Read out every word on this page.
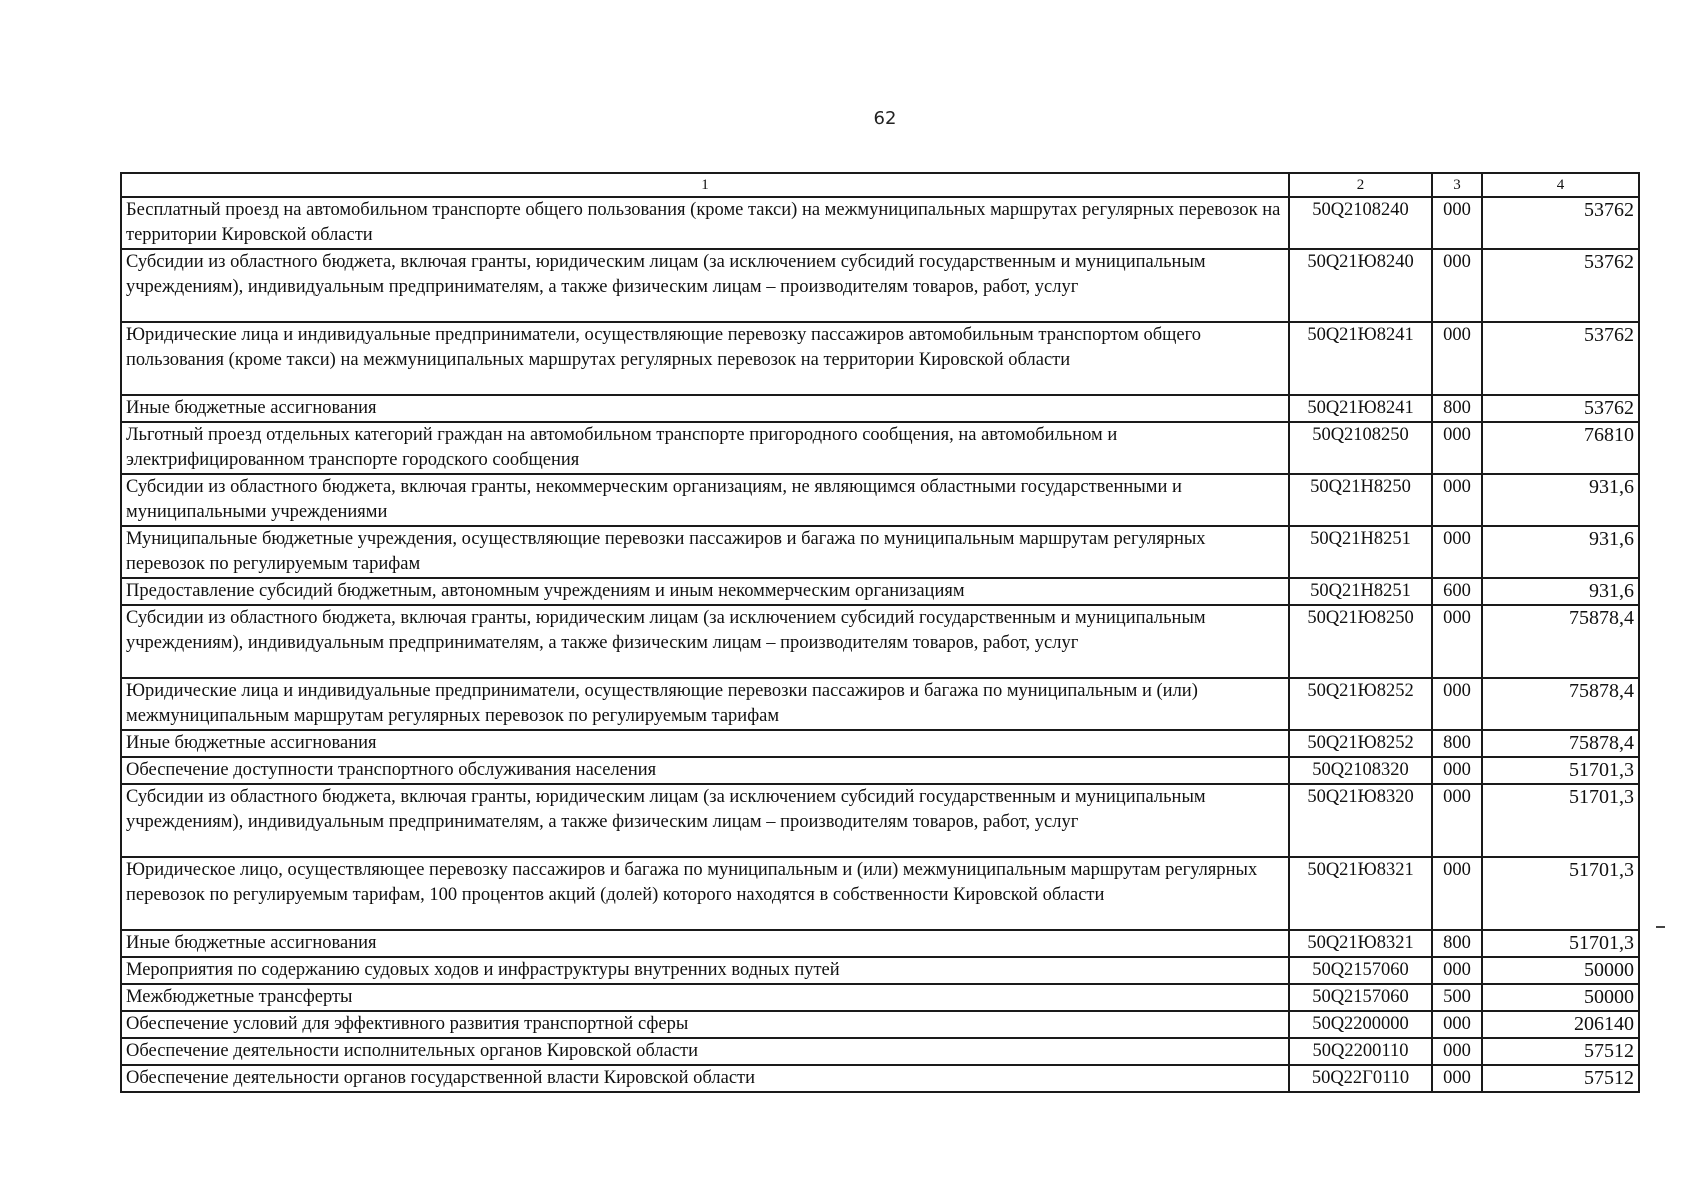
62
1	2	3	4
Бесплатный проезд на автомобильном транспорте общего пользования (кроме такси) на межмуниципальных маршрутах регулярных перевозок на территории Кировской области	50Q2108240	000	53762
Субсидии из областного бюджета, включая гранты, юридическим лицам (за исключением субсидий государственным и муниципальным учреждениям), индивидуальным предпринимателям, а также физическим лицам – производителям товаров, работ, услуг	50Q21Ю8240	000	53762
Юридические лица и индивидуальные предприниматели, осуществляющие перевозку пассажиров автомобильным транспортом общего пользования (кроме такси) на межмуниципальных маршрутах регулярных перевозок на территории Кировской области	50Q21Ю8241	000	53762
Иные бюджетные ассигнования	50Q21Ю8241	800	53762
Льготный проезд отдельных категорий граждан на автомобильном транспорте пригородного сообщения, на автомобильном и электрифицированном транспорте городского сообщения	50Q2108250	000	76810
Субсидии из областного бюджета, включая гранты, некоммерческим организациям, не являющимся областными государственными и муниципальными учреждениями	50Q21Н8250	000	931,6
Муниципальные бюджетные учреждения, осуществляющие перевозки пассажиров и багажа по муниципальным маршрутам регулярных перевозок по регулируемым тарифам	50Q21Н8251	000	931,6
Предоставление субсидий бюджетным, автономным учреждениям и иным некоммерческим организациям	50Q21Н8251	600	931,6
Субсидии из областного бюджета, включая гранты, юридическим лицам (за исключением субсидий государственным и муниципальным учреждениям), индивидуальным предпринимателям, а также физическим лицам – производителям товаров, работ, услуг	50Q21Ю8250	000	75878,4
Юридические лица и индивидуальные предприниматели, осуществляющие перевозки пассажиров и багажа по муниципальным и (или) межмуниципальным маршрутам регулярных перевозок по регулируемым тарифам	50Q21Ю8252	000	75878,4
Иные бюджетные ассигнования	50Q21Ю8252	800	75878,4
Обеспечение доступности транспортного обслуживания населения	50Q2108320	000	51701,3
Субсидии из областного бюджета, включая гранты, юридическим лицам (за исключением субсидий государственным и муниципальным учреждениям), индивидуальным предпринимателям, а также физическим лицам – производителям товаров, работ, услуг	50Q21Ю8320	000	51701,3
Юридическое лицо, осуществляющее перевозку пассажиров и багажа по муниципальным и (или) межмуниципальным маршрутам регулярных перевозок по регулируемым тарифам, 100 процентов акций (долей) которого находятся в собственности Кировской области	50Q21Ю8321	000	51701,3
Иные бюджетные ассигнования	50Q21Ю8321	800	51701,3
Мероприятия по содержанию судовых ходов и инфраструктуры внутренних водных путей	50Q2157060	000	50000
Межбюджетные трансферты	50Q2157060	500	50000
Обеспечение условий для эффективного развития транспортной сферы	50Q2200000	000	206140
Обеспечение деятельности исполнительных органов Кировской области	50Q2200110	000	57512
Обеспечение деятельности органов государственной власти Кировской области	50Q22Г0110	000	57512
